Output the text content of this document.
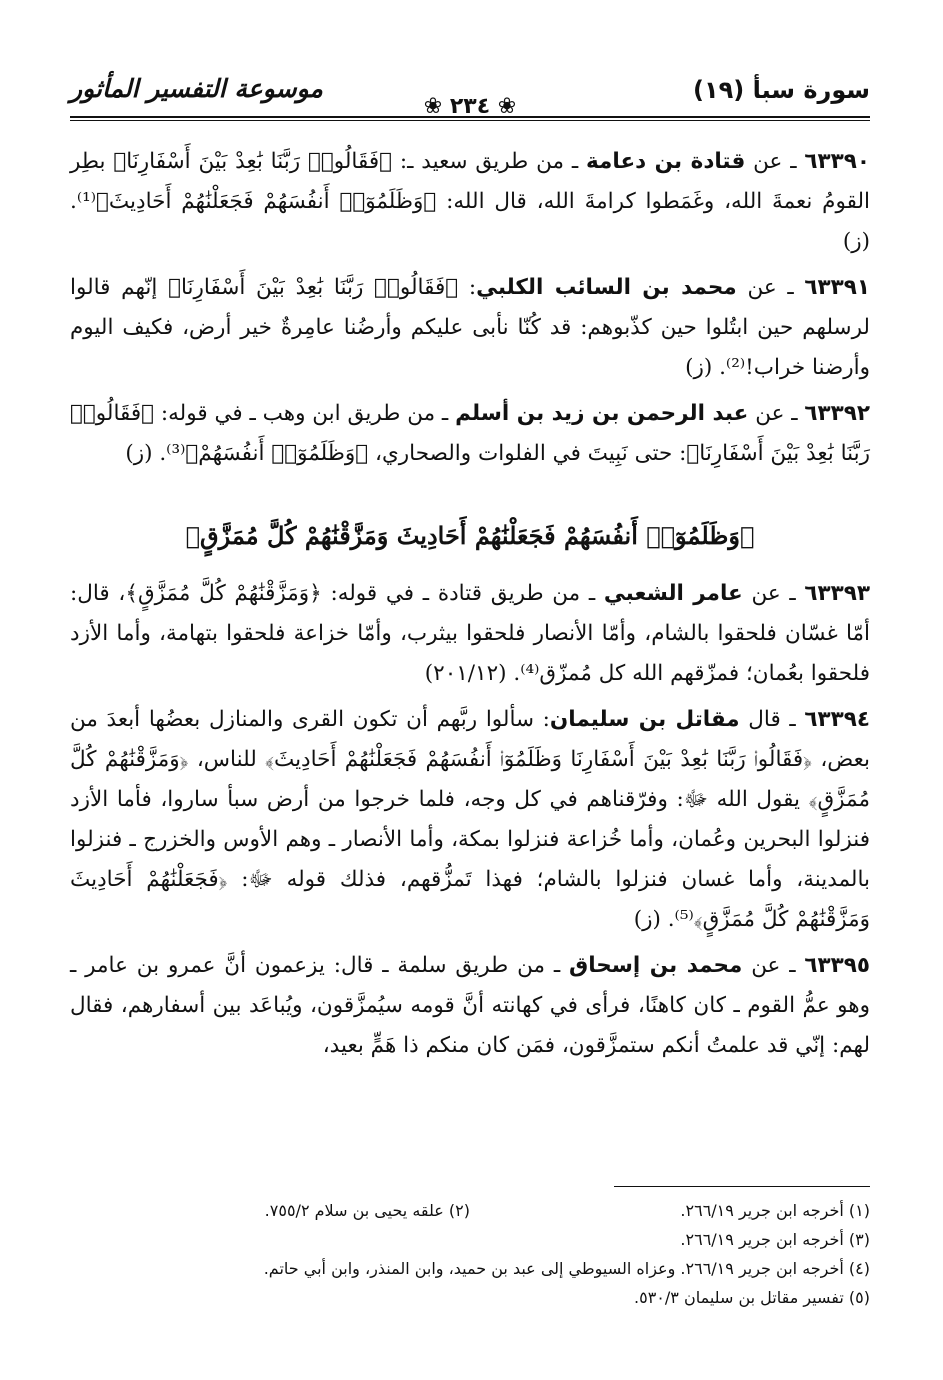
سورة سبأ (١٩)
❀ ٢٣٤ ❀
موسوعة التفسير المأثور

٦٣٣٩٠ ـ عن قتادة بن دعامة ـ من طريق سعيد ـ: ﴿فَقَالُوا۟ رَبَّنَا بَٰعِدْ بَيْنَ أَسْفَارِنَا﴾ بطِر القومُ نعمةَ الله، وغَمَطوا كرامةَ الله، قال الله: ﴿وَظَلَمُوٓا۟ أَنفُسَهُمْ فَجَعَلْنَٰهُمْ أَحَادِيثَ﴾⁽¹⁾. (ز)

٦٣٣٩١ ـ عن محمد بن السائب الكلبي: ﴿فَقَالُوا۟ رَبَّنَا بَٰعِدْ بَيْنَ أَسْفَارِنَا﴾ إنّهم قالوا لرسلهم حين ابتُلوا حين كذّبوهم: قد كُنّا نأبى عليكم وأرضُنا عامِرةٌ خير أرض، فكيف اليوم وأرضنا خراب!⁽²⁾. (ز)

٦٣٣٩٢ ـ عن عبد الرحمن بن زيد بن أسلم ـ من طريق ابن وهب ـ في قوله: ﴿فَقَالُوا۟ رَبَّنَا بَٰعِدْ بَيْنَ أَسْفَارِنَا﴾: حتى نَبِيتَ في الفلوات والصحاري، ﴿وَظَلَمُوٓا۟ أَنفُسَهُمْ﴾⁽³⁾. (ز)

﴿وَظَلَمُوٓا۟ أَنفُسَهُمْ فَجَعَلْنَٰهُمْ أَحَادِيثَ وَمَزَّقْنَٰهُمْ كُلَّ مُمَزَّقٍ﴾

٦٣٣٩٣ ـ عن عامر الشعبي ـ من طريق قتادة ـ في قوله: ﴿وَمَزَّقْنَٰهُمْ كُلَّ مُمَزَّقٍ﴾، قال: أمّا غسّان فلحقوا بالشام، وأمّا الأنصار فلحقوا بيثرب، وأمّا خزاعة فلحقوا بتهامة، وأما الأزد فلحقوا بعُمان؛ فمزّقهم الله كل مُمزّق⁽⁴⁾. (٢٠١/١٢)

٦٣٣٩٤ ـ قال مقاتل بن سليمان: سألوا ربَّهم أن تكون القرى والمنازل بعضُها أبعدَ من بعض، ﴿فَقَالُوا۟ رَبَّنَا بَٰعِدْ بَيْنَ أَسْفَارِنَا وَظَلَمُوٓا۟ أَنفُسَهُمْ فَجَعَلْنَٰهُمْ أَحَادِيثَ﴾ للناس، ﴿وَمَزَّقْنَٰهُمْ كُلَّ مُمَزَّقٍ﴾ يقول الله ﷻ: وفرّقناهم في كل وجه، فلما خرجوا من أرض سبأ ساروا، فأما الأزد فنزلوا البحرين وعُمان، وأما خُزاعة فنزلوا بمكة، وأما الأنصار ـ وهم الأوس والخزرج ـ فنزلوا بالمدينة، وأما غسان فنزلوا بالشام؛ فهذا تَمزُّقهم، فذلك قوله ﷻ: ﴿فَجَعَلْنَٰهُمْ أَحَادِيثَ وَمَزَّقْنَٰهُمْ كُلَّ مُمَزَّقٍ﴾⁽⁵⁾. (ز)

٦٣٣٩٥ ـ عن محمد بن إسحاق ـ من طريق سلمة ـ قال: يزعمون أنَّ عمرو بن عامر ـ وهو عمُّ القوم ـ كان كاهنًا، فرأى في كهانته أنَّ قومه سيُمزَّقون، ويُباعَد بين أسفارهم، فقال لهم: إنّي قد علمتُ أنكم ستمزَّقون، فمَن كان منكم ذا هَمٍّ بعيد،

(١) أخرجه ابن جرير ٢٦٦/١٩.
(٢) علقه يحيى بن سلام ٧٥٥/٢.
(٣) أخرجه ابن جرير ٢٦٦/١٩.
(٤) أخرجه ابن جرير ٢٦٦/١٩. وعزاه السيوطي إلى عبد بن حميد، وابن المنذر، وابن أبي حاتم.
(٥) تفسير مقاتل بن سليمان ٥٣٠/٣.
